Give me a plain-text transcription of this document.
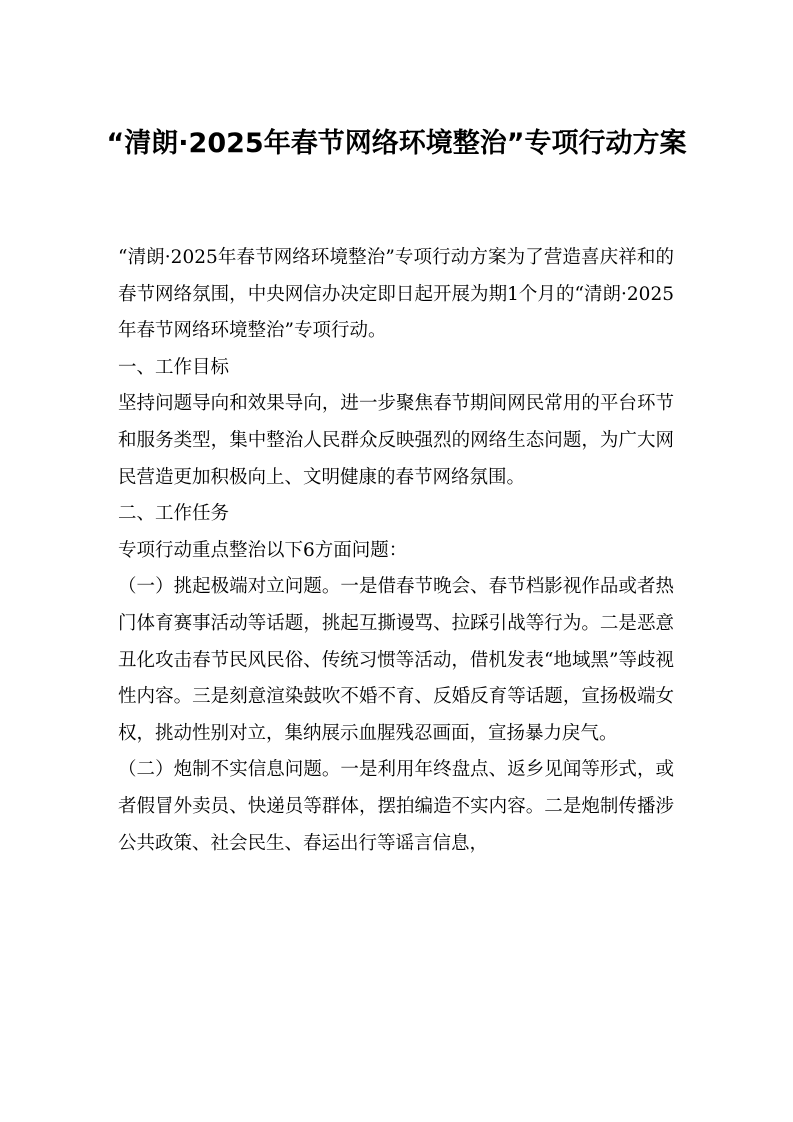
“清朗·2025年春节网络环境整治”专项行动方案

“清朗·2025年春节网络环境整治”专项行动方案为了营造喜庆祥和的春节网络氛围，中央网信办决定即日起开展为期1个月的“清朗·2025年春节网络环境整治”专项行动。

一、工作目标

坚持问题导向和效果导向，进一步聚焦春节期间网民常用的平台环节和服务类型，集中整治人民群众反映强烈的网络生态问题，为广大网民营造更加积极向上、文明健康的春节网络氛围。

二、工作任务

专项行动重点整治以下6方面问题：

（一）挑起极端对立问题。一是借春节晚会、春节档影视作品或者热门体育赛事活动等话题，挑起互撕谩骂、拉踩引战等行为。二是恶意丑化攻击春节民风民俗、传统习惯等活动，借机发表“地域黑”等歧视性内容。三是刻意渲染鼓吹不婚不育、反婚反育等话题，宣扬极端女权，挑动性别对立，集纳展示血腥残忍画面，宣扬暴力戾气。

（二）炮制不实信息问题。一是利用年终盘点、返乡见闻等形式，或者假冒外卖员、快递员等群体，摆拍编造不实内容。二是炮制传播涉公共政策、社会民生、春运出行等谣言信息，
